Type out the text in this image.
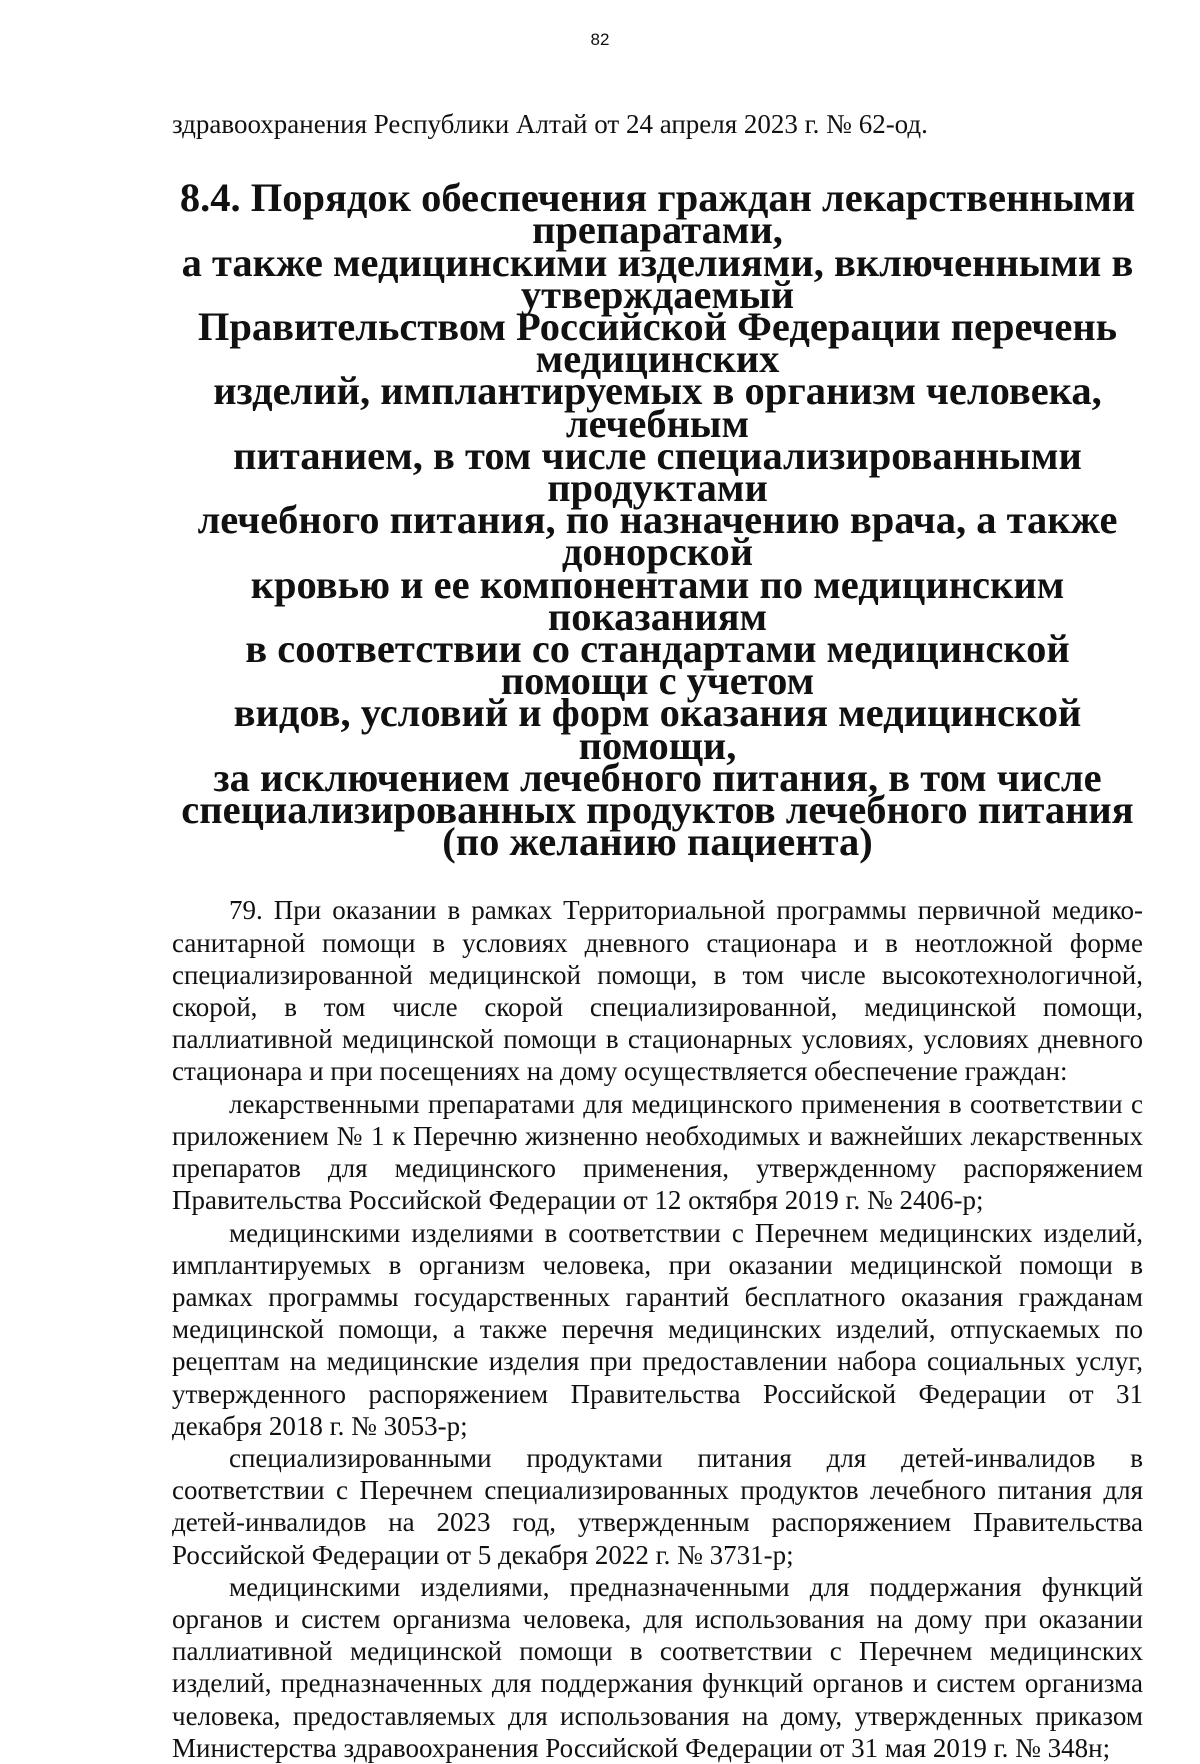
82

здравоохранения Республики Алтай от 24 апреля 2023 г. № 62-од.

8.4. Порядок обеспечения граждан лекарственными препаратами,
а также медицинскими изделиями, включенными в утверждаемый
Правительством Российской Федерации перечень медицинских
изделий, имплантируемых в организм человека, лечебным
питанием, в том числе специализированными продуктами
лечебного питания, по назначению врача, а также донорской
кровью и ее компонентами по медицинским показаниям
в соответствии со стандартами медицинской помощи с учетом
видов, условий и форм оказания медицинской помощи,
за исключением лечебного питания, в том числе
специализированных продуктов лечебного питания
(по желанию пациента)

79. При оказании в рамках Территориальной программы первичной медико-санитарной помощи в условиях дневного стационара и в неотложной форме специализированной медицинской помощи, в том числе высокотехнологичной, скорой, в том числе скорой специализированной, медицинской помощи, паллиативной медицинской помощи в стационарных условиях, условиях дневного стационара и при посещениях на дому осуществляется обеспечение граждан:

лекарственными препаратами для медицинского применения в соответствии с приложением № 1 к Перечню жизненно необходимых и важнейших лекарственных препаратов для медицинского применения, утвержденному распоряжением Правительства Российской Федерации от 12 октября 2019 г. № 2406-р;

медицинскими изделиями в соответствии с Перечнем медицинских изделий, имплантируемых в организм человека, при оказании медицинской помощи в рамках программы государственных гарантий бесплатного оказания гражданам медицинской помощи, а также перечня медицинских изделий, отпускаемых по рецептам на медицинские изделия при предоставлении набора социальных услуг, утвержденного распоряжением Правительства Российской Федерации от 31 декабря 2018 г. № 3053-р;

специализированными продуктами питания для детей-инвалидов в соответствии с Перечнем специализированных продуктов лечебного питания для детей-инвалидов на 2023 год, утвержденным распоряжением Правительства Российской Федерации от 5 декабря 2022 г. № 3731-р;

медицинскими изделиями, предназначенными для поддержания функций органов и систем организма человека, для использования на дому при оказании паллиативной медицинской помощи в соответствии с Перечнем медицинских изделий, предназначенных для поддержания функций органов и систем организма человека, предоставляемых для использования на дому, утвержденных приказом Министерства здравоохранения Российской Федерации от 31 мая 2019 г. № 348н;
